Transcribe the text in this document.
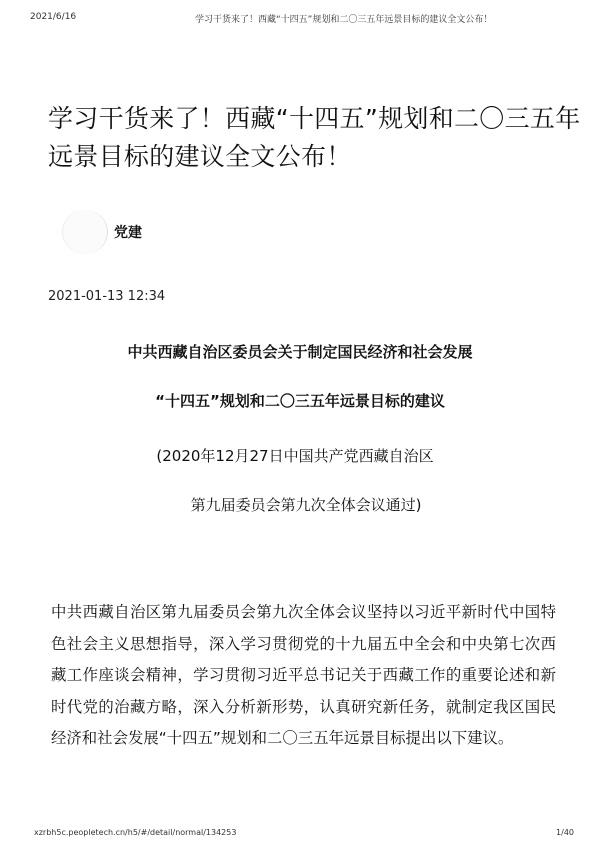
2021/6/16	学习干货来了！西藏“十四五”规划和二〇三五年远景目标的建议全文公布！
学习干货来了！西藏“十四五”规划和二〇三五年远景目标的建议全文公布！
党建
2021-01-13 12:34
中共西藏自治区委员会关于制定国民经济和社会发展
“十四五”规划和二〇三五年远景目标的建议
(2020年12月27日中国共产党西藏自治区
第九届委员会第九次全体会议通过)

中共西藏自治区第九届委员会第九次全体会议坚持以习近平新时代中国特色社会主义思想指导，深入学习贯彻党的十九届五中全会和中央第七次西藏工作座谈会精神，学习贯彻习近平总书记关于西藏工作的重要论述和新时代党的治藏方略，深入分析新形势，认真研究新任务，就制定我区国民经济和社会发展“十四五”规划和二〇三五年远景目标提出以下建议。

xzrbh5c.peopletech.cn/h5/#/detail/normal/134253	1/40
